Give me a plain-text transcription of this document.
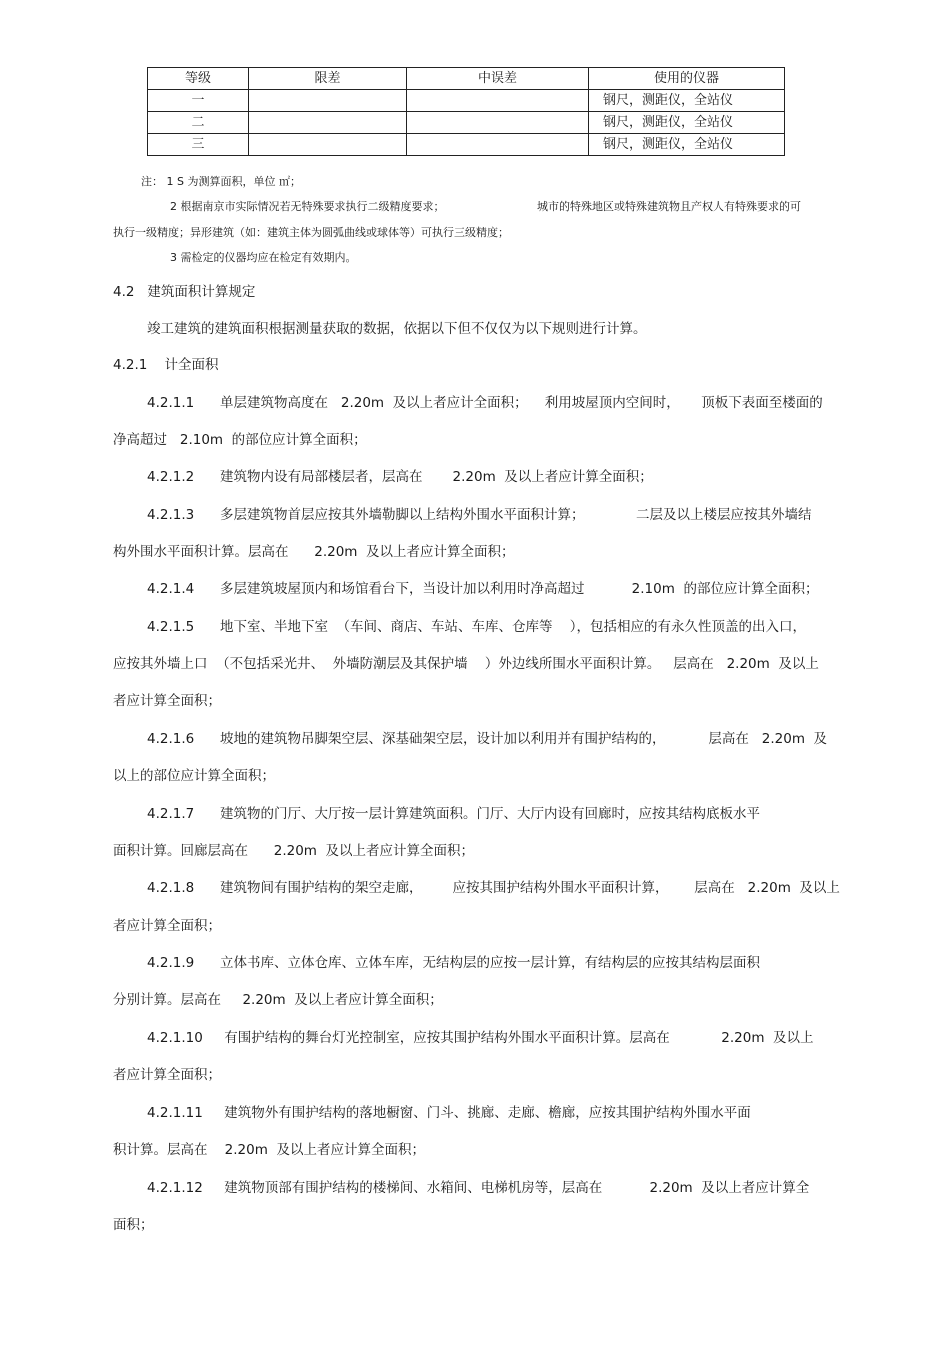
等级	限差	中误差	使用的仪器
一			钢尺，测距仪，全站仪
二			钢尺，测距仪，全站仪
三			钢尺，测距仪，全站仪
注： 1 S 为测算面积，单位 ㎡；
2 根据南京市实际情况若无特殊要求执行二级精度要求；	城市的特殊地区或特殊建筑物且产权人有特殊要求的可
执行一级精度；异形建筑（如：建筑主体为圆弧曲线或球体等）可执行三级精度；
3 需检定的仪器均应在检定有效期内。
4.2   建筑面积计算规定
竣工建筑的建筑面积根据测量获取的数据，依据以下但不仅仅为以下规则进行计算。
4.2.1    计全面积
4.2.1.1      单层建筑物高度在   2.20m  及以上者应计全面积；    利用坡屋顶内空间时，     顶板下表面至楼面的
净高超过   2.10m  的部位应计算全面积；
4.2.1.2      建筑物内设有局部楼层者，层高在       2.20m  及以上者应计算全面积；
4.2.1.3      多层建筑物首层应按其外墙勒脚以上结构外围水平面积计算；            二层及以上楼层应按其外墙结
构外围水平面积计算。层高在      2.20m  及以上者应计算全面积；
4.2.1.4      多层建筑坡屋顶内和场馆看台下，当设计加以利用时净高超过           2.10m  的部位应计算全面积；
4.2.1.5      地下室、半地下室  （车间、商店、车站、车库、仓库等    ），包括相应的有永久性顶盖的出入口，
应按其外墙上口  （不包括采光井、  外墙防潮层及其保护墙    ）外边线所围水平面积计算。   层高在   2.20m  及以上
者应计算全面积；
4.2.1.6      坡地的建筑物吊脚架空层、深基础架空层，设计加以利用并有围护结构的，          层高在   2.20m  及
以上的部位应计算全面积；
4.2.1.7      建筑物的门厅、大厅按一层计算建筑面积。门厅、大厅内设有回廊时，应按其结构底板水平
面积计算。回廊层高在      2.20m  及以上者应计算全面积；
4.2.1.8      建筑物间有围护结构的架空走廊，       应按其围护结构外围水平面积计算，      层高在   2.20m  及以上
者应计算全面积；
4.2.1.9      立体书库、立体仓库、立体车库，无结构层的应按一层计算，有结构层的应按其结构层面积
分别计算。层高在     2.20m  及以上者应计算全面积；
4.2.1.10     有围护结构的舞台灯光控制室，应按其围护结构外围水平面积计算。层高在            2.20m  及以上
者应计算全面积；
4.2.1.11     建筑物外有围护结构的落地橱窗、门斗、挑廊、走廊、檐廊，应按其围护结构外围水平面
积计算。层高在    2.20m  及以上者应计算全面积；
4.2.1.12     建筑物顶部有围护结构的楼梯间、水箱间、电梯机房等，层高在           2.20m  及以上者应计算全
面积；
